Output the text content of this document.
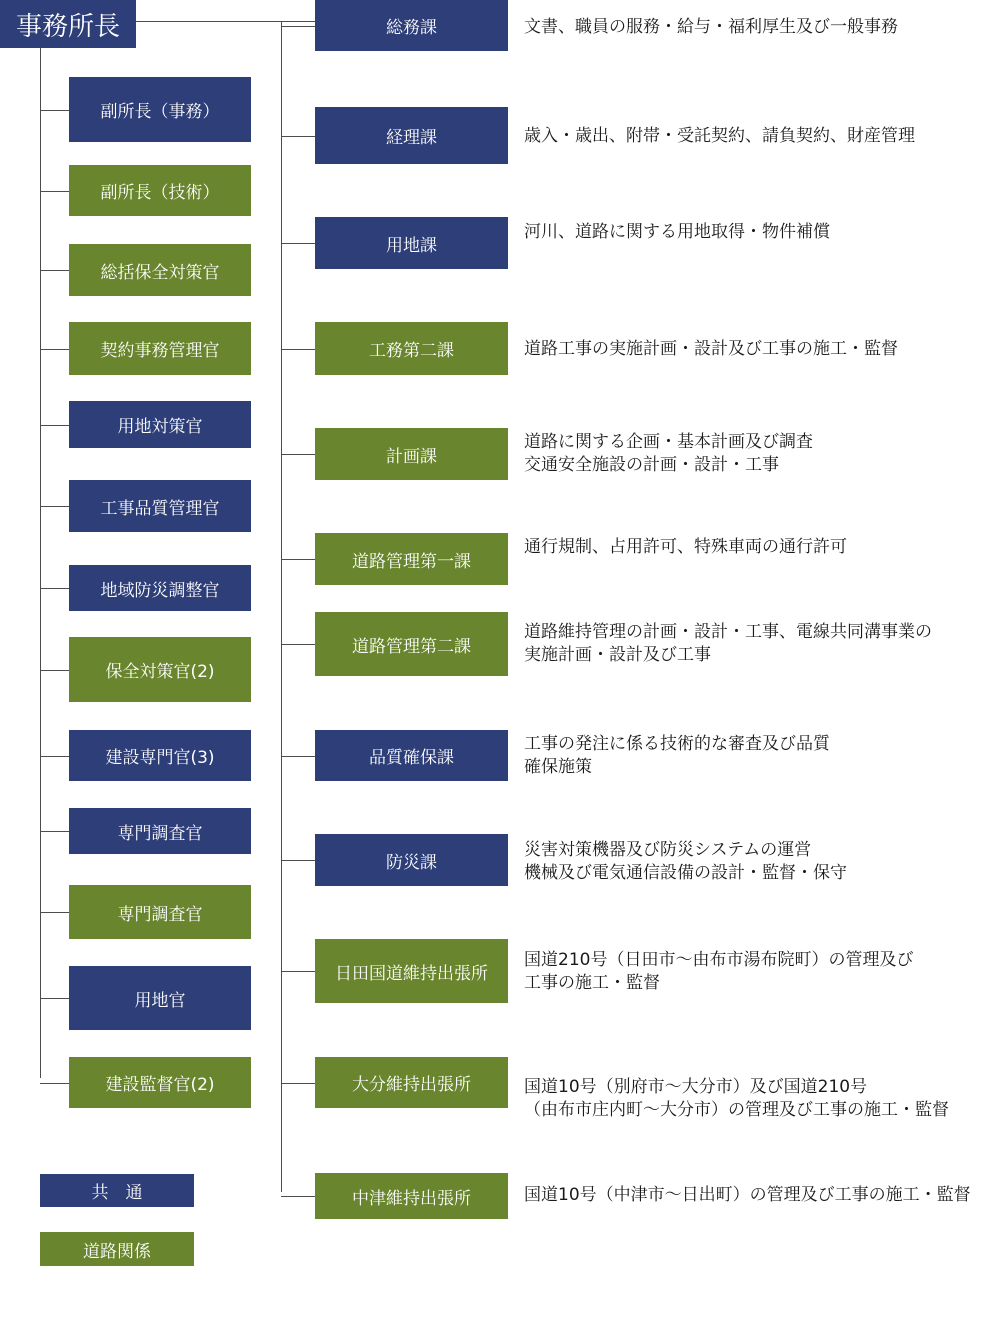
事務所長
副所長（事務）
副所長（技術）
総括保全対策官
契約事務管理官
用地対策官
工事品質管理官
地域防災調整官
保全対策官(2)
建設専門官(3)
専門調査官
専門調査官
用地官
建設監督官(2)
総務課
経理課
用地課
工務第二課
計画課
道路管理第一課
道路管理第二課
品質確保課
防災課
日田国道維持出張所
大分維持出張所
中津維持出張所
文書、職員の服務・給与・福利厚生及び一般事務
歳入・歳出、附帯・受託契約、請負契約、財産管理
河川、道路に関する用地取得・物件補償
道路工事の実施計画・設計及び工事の施工・監督
道路に関する企画・基本計画及び調査
交通安全施設の計画・設計・工事
通行規制、占用許可、特殊車両の通行許可
道路維持管理の計画・設計・工事、電線共同溝事業の
実施計画・設計及び工事
工事の発注に係る技術的な審査及び品質
確保施策
災害対策機器及び防災システムの運営
機械及び電気通信設備の設計・監督・保守
国道210号（日田市～由布市湯布院町）の管理及び
工事の施工・監督
国道10号（別府市～大分市）及び国道210号
（由布市庄内町～大分市）の管理及び工事の施工・監督
国道10号（中津市～日出町）の管理及び工事の施工・監督
共　通
道路関係
